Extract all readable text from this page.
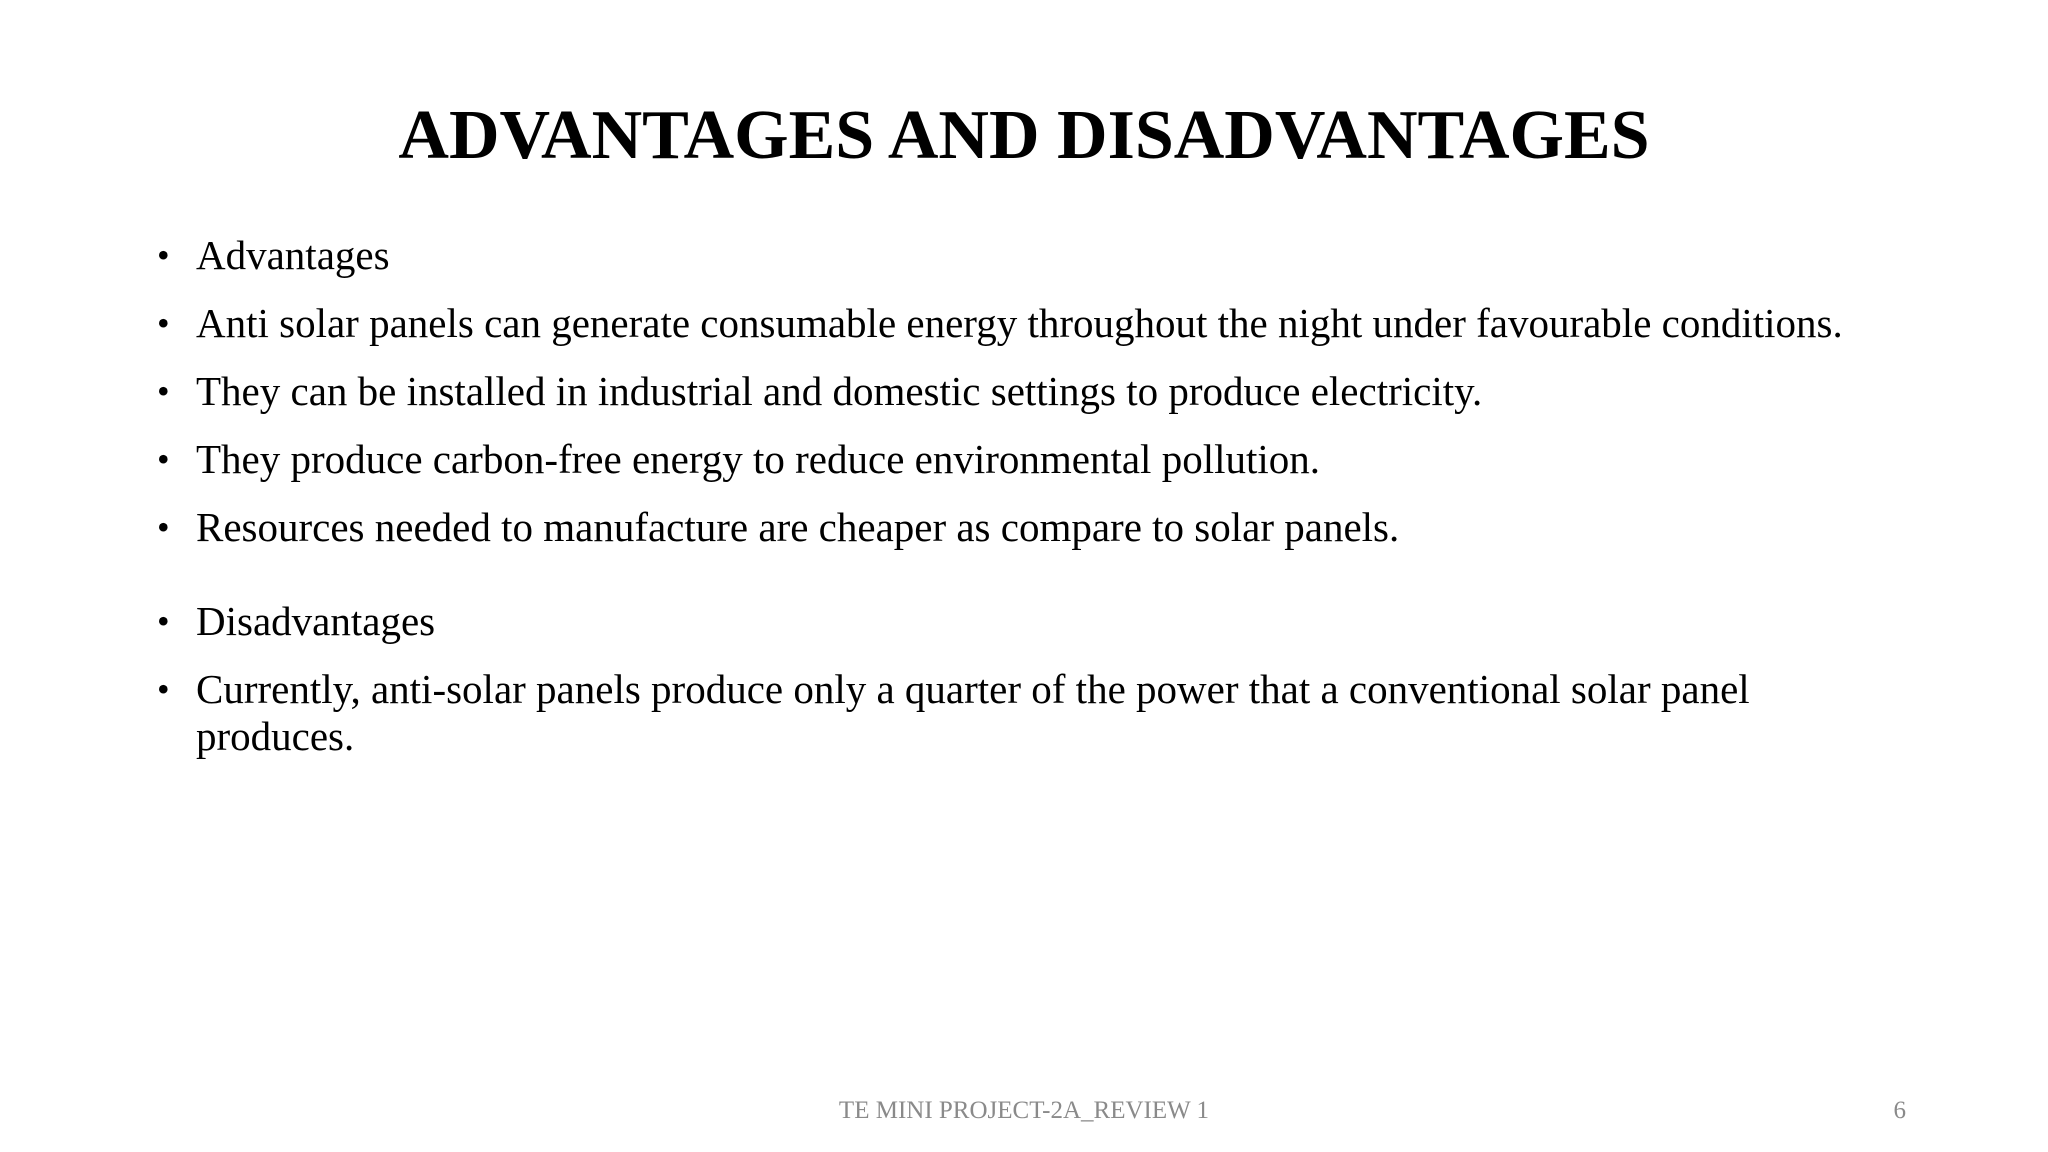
ADVANTAGES AND DISADVANTAGES
• Advantages
• Anti solar panels can generate consumable energy throughout the night under favourable conditions.
• They can be installed in industrial and domestic settings to produce electricity.
• They produce carbon-free energy to reduce environmental pollution.
• Resources needed to manufacture are cheaper as compare to solar panels.
• Disadvantages
• Currently, anti-solar panels produce only a quarter of the power that a conventional solar panel produces.
TE MINI PROJECT-2A_REVIEW 1	6
